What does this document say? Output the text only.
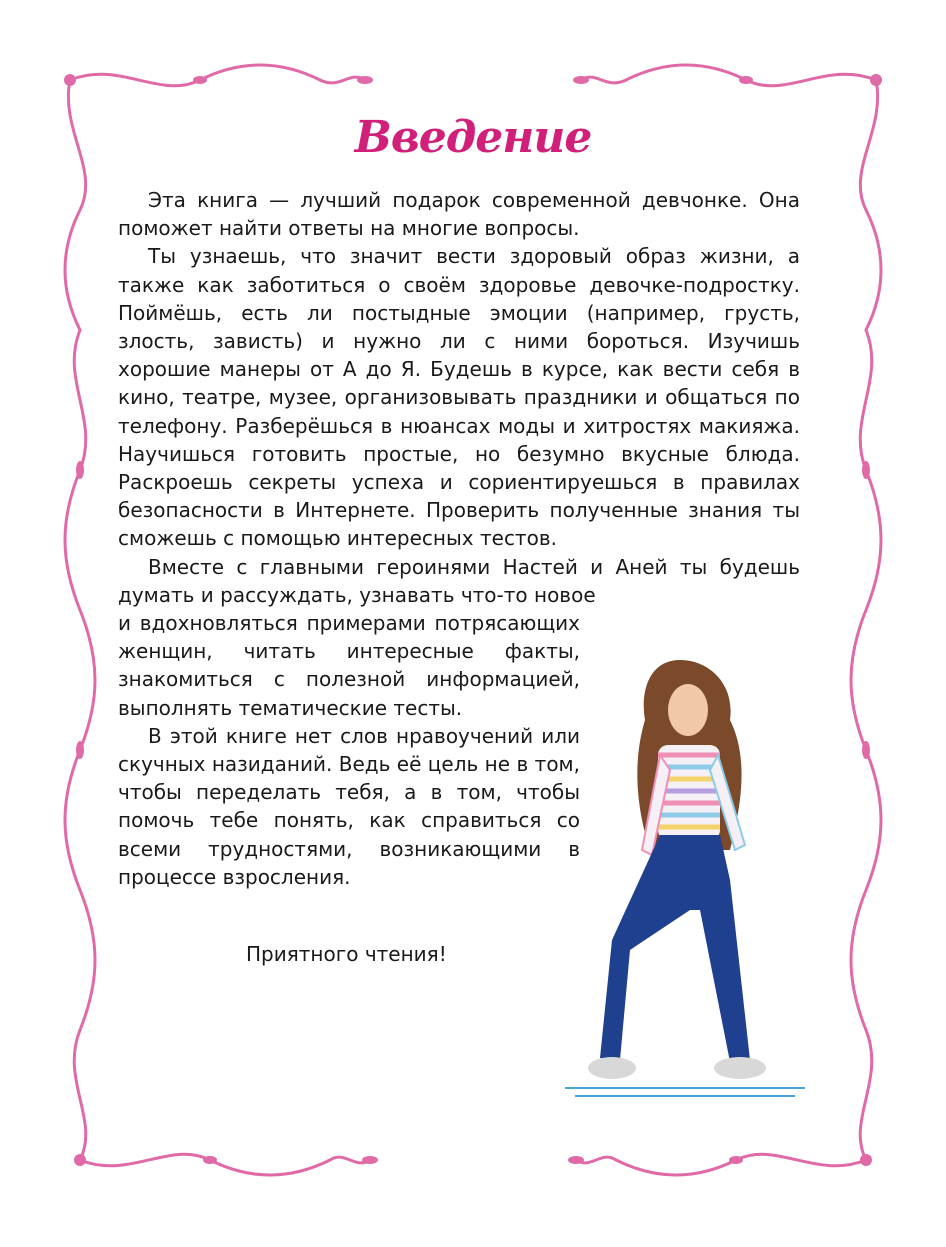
Введение

Эта книга — лучший подарок современной девчонке. Она поможет найти ответы на многие вопросы.

Ты узнаешь, что значит вести здоровый образ жизни, а также как заботиться о своём здоровье девочке-подростку. Поймёшь, есть ли постыдные эмоции (например, грусть, злость, зависть) и нужно ли с ними бороться. Изучишь хорошие манеры от А до Я. Будешь в курсе, как вести себя в кино, театре, музее, организовывать праздники и общаться по телефону. Разберёшься в нюансах моды и хитростях макияжа. Научишься готовить простые, но безумно вкусные блюда. Раскроешь секреты успеха и сориентируешься в правилах безопасности в Интернете. Проверить полученные знания ты сможешь с помощью интересных тестов.

Вместе с главными героинями Настей и Аней ты будешь думать и рассуждать, узнавать что-то новое

и вдохновляться примерами потрясающих женщин, читать интересные факты, знакомиться с полезной информацией, выполнять тематические тесты.

В этой книге нет слов нравоучений или скучных назиданий. Ведь её цель не в том, чтобы переделать тебя, а в том, чтобы помочь тебе понять, как справиться со всеми трудностями, возникающими в процессе взросления.

Приятного чтения!
